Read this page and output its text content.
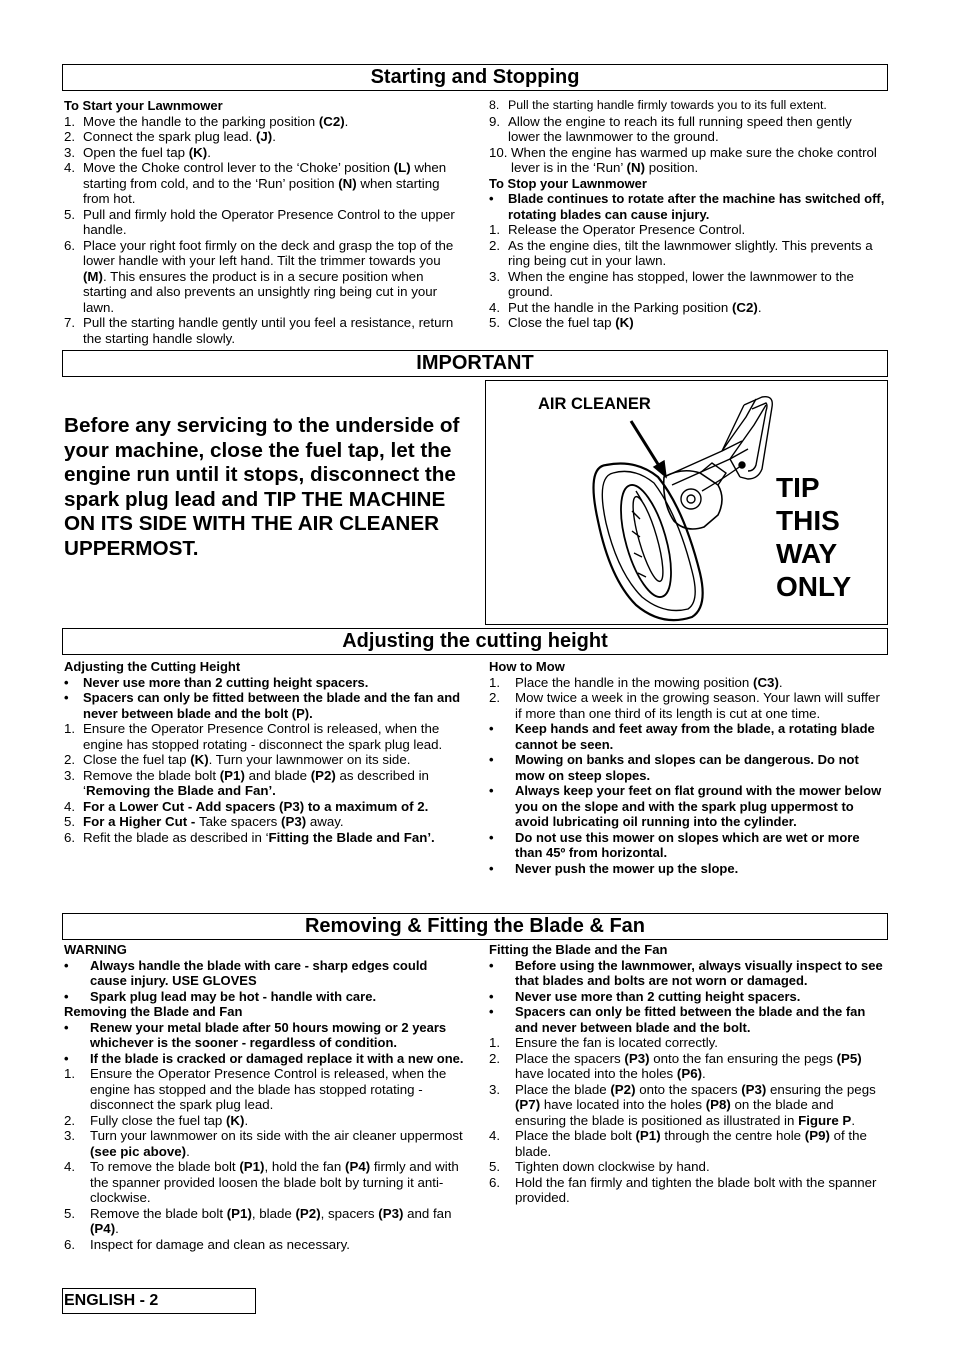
Starting and Stopping

To Start your Lawnmower

1. Move the handle to the parking position (C2).
2. Connect the spark plug lead. (J).
3. Open the fuel tap (K).
4. Move the Choke control lever to the ‘Choke’ position (L) when starting from cold, and to the ‘Run’ position (N) when starting from hot.
5. Pull and firmly hold the Operator Presence Control to the upper handle.
6. Place your right foot firmly on the deck and grasp the top of the lower handle with your left hand. Tilt the trimmer towards you (M). This ensures the product is in a secure position when starting and also prevents an unsightly ring being cut in your lawn.
7. Pull the starting handle gently until you feel a resistance, return the starting handle slowly.
8. Pull the starting handle firmly towards you to its full extent.
9. Allow the engine to reach its full running speed then gently lower the lawnmower to the ground.
10. When the engine has warmed up make sure the choke control lever is in the ‘Run’ (N) position.

To Stop your Lawnmower

• Blade continues to rotate after the machine has switched off, rotating blades can cause injury.
1. Release the Operator Presence Control.
2. As the engine dies, tilt the lawnmower slightly. This prevents a ring being cut in your lawn.
3. When the engine has stopped, lower the lawnmower to the ground.
4. Put the handle in the Parking position (C2).
5. Close the fuel tap (K)
IMPORTANT
Before any servicing to the underside of your machine, close the fuel tap, let the engine run until it stops, disconnect the spark plug lead and TIP THE MACHINE ON ITS SIDE WITH THE AIR CLEANER UPPERMOST.
AIR CLEANER
TIP
THIS
WAY
ONLY
Adjusting the cutting height

Adjusting the Cutting Height

• Never use more than 2 cutting height spacers.
• Spacers can only be fitted between the blade and the fan and never between blade and the bolt (P).
1. Ensure the Operator Presence Control is released, when the engine has stopped rotating - disconnect the spark plug lead.
2. Close the fuel tap (K). Turn your lawnmower on its side.
3. Remove the blade bolt (P1) and blade (P2) as described in ‘Removing the Blade and Fan’.
4. For a Lower Cut - Add spacers (P3) to a maximum of 2.
5. For a Higher Cut - Take spacers (P3) away.
6. Refit the blade as described in ‘Fitting the Blade and Fan’.

How to Mow

1.	Place the handle in the mowing position (C3).
2.	Mow twice a week in the growing season. Your lawn will suffer if more than one third of its length is cut at one time.
•	Keep hands and feet away from the blade, a rotating blade cannot be seen.
•	Mowing on banks and slopes can be dangerous. Do not mow on steep slopes.
•	Always keep your feet on flat ground with the mower below you on the slope and with the spark plug uppermost to avoid lubricating oil running into the cylinder.
•	Do not use this mower on slopes which are wet or more than 45º from horizontal.
•	Never push the mower up the slope.
Removing & Fitting the Blade & Fan

WARNING

•	Always handle the blade with care - sharp edges could cause injury. USE GLOVES
•	Spark plug lead may be hot - handle with care.

Removing the Blade and Fan

•	Renew your metal blade after 50 hours mowing or 2 years whichever is the sooner - regardless of condition.
•	If the blade is cracked or damaged replace it with a new one.
1.	Ensure the Operator Presence Control is released, when the engine has stopped and the blade has stopped rotating - disconnect the spark plug lead.
2.	Fully close the fuel tap (K).
3.	Turn your lawnmower on its side with the air cleaner uppermost (see pic above).
4.	To remove the blade bolt (P1), hold the fan (P4) firmly and with the spanner provided loosen the blade bolt by turning it anti-clockwise.
5.	Remove the blade bolt (P1), blade (P2), spacers (P3) and fan (P4).
6.	Inspect for damage and clean as necessary.

Fitting the Blade and the Fan

•	Before using the lawnmower, always visually inspect to see that blades and bolts are not worn or damaged.
•	Never use more than 2 cutting height spacers.
•	Spacers can only be fitted between the blade and the fan and never between blade and the bolt.
1.	Ensure the fan is located correctly.
2.	Place the spacers (P3) onto the fan ensuring the pegs (P5) have located into the holes (P6).
3.	Place the blade (P2) onto the spacers (P3) ensuring the pegs (P7) have located into the holes (P8) on the blade and ensuring the blade is positioned as illustrated in Figure P.
4.	Place the blade bolt (P1) through the centre hole (P9) of the blade.
5.	Tighten down clockwise by hand.
6.	Hold the fan firmly and tighten the blade bolt with the spanner provided.
ENGLISH - 2
